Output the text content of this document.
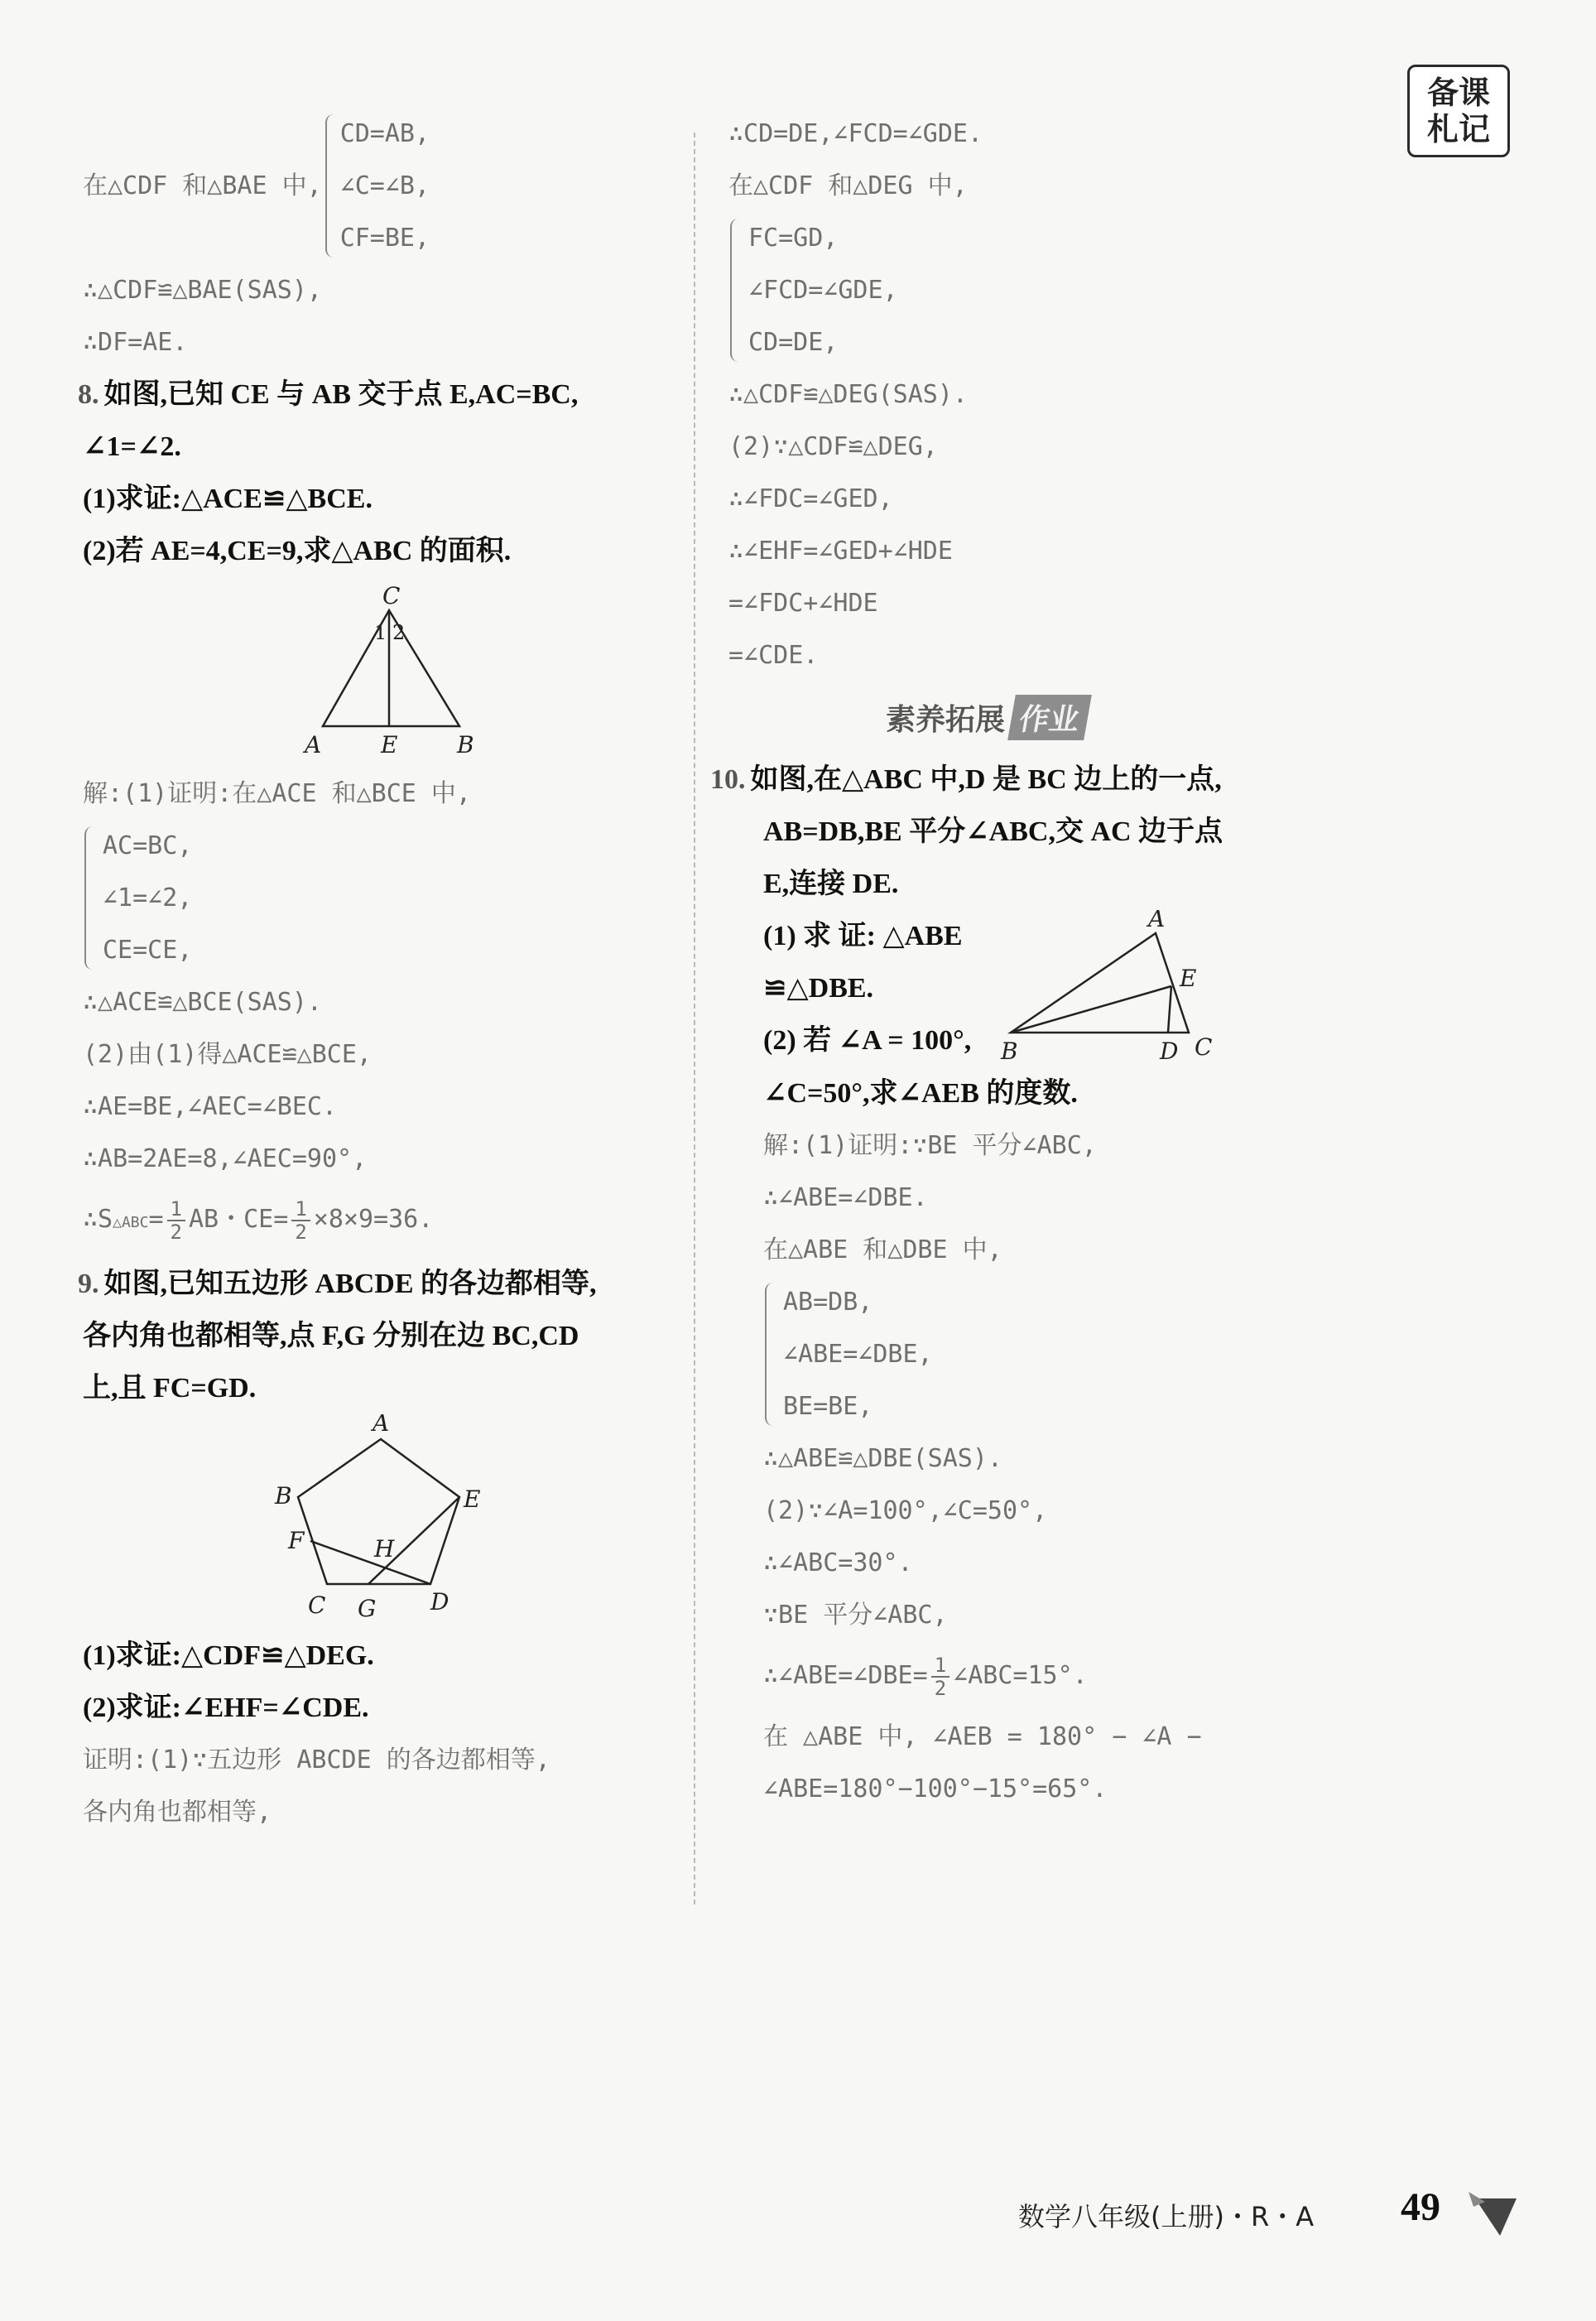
备课
札记
在△CDF 和△BAE 中,
CD=AB,
∠C=∠B,
CF=BE,
∴△CDF≌△BAE(SAS),
∴DF=AE.
8. 如图,已知 CE 与 AB 交于点 E,AC=BC,
∠1=∠2.
(1)求证:△ACE≌△BCE.
(2)若 AE=4,CE=9,求△ABC 的面积.
C
1 2
A	E	B
解:(1)证明:在△ACE 和△BCE 中,
AC=BC,
∠1=∠2,
CE=CE,
∴△ACE≌△BCE(SAS).
(2)由(1)得△ACE≌△BCE,
∴AE=BE,∠AEC=∠BEC.
∴AB=2AE=8,∠AEC=90°,
∴S△ABC= $\frac{1}{2}$ AB・$CE= \frac{1}{2} \times 8\times 9=36$.
9. 如图,已知五边形 ABCDE 的各边都相等,
各内角也都相等,点 F,G 分别在边 BC,CD
上,且 FC=GD.
A
B	E
F	H
C G D
(1)求证:△CDF≌△DEG.
(2)求证:∠EHF=∠CDE.
证明:(1)∵五边形 ABCDE 的各边都相等,
各内角也都相等,
∴CD=DE,∠FCD=∠GDE.
在△CDF 和△DEG 中,
FC=GD,
∠FCD=∠GDE,
CD=DE,
∴△CDF≌△DEG(SAS).
(2)∵△CDF≌△DEG,
∴∠FDC=∠GED,
∴∠EHF=∠GED+∠HDE
=∠FDC+∠HDE
=∠CDE.
素养拓展 作业
10. 如图,在△ABC 中,D 是 BC 边上的一点,
AB=DB,BE 平分∠ABC,交 AC 边于点
E,连接 DE.
(1) 求 证: △ABE
≌△DBE.
(2) 若 ∠A = 100°,
A
E
B	D C
∠C=50°,求∠AEB 的度数.
解:(1)证明:∵BE 平分∠ABC,
∴∠ABE=∠DBE.
在△ABE 和△DBE 中,
AB=DB,
∠ABE=∠DBE,
BE=BE,
∴△ABE≌△DBE(SAS).
(2)∵∠A=100°,∠C=50°,
∴∠ABC=30°.
∵BE 平分∠ABC,
∴∠ABE=∠DBE= $\frac{1}{2}$ ∠ABC=15°.
在 △ABE 中, ∠AEB = 180° − ∠A −
∠ABE=180°−100°−15°=65°.
数学八年级(上册)・R・A 49
